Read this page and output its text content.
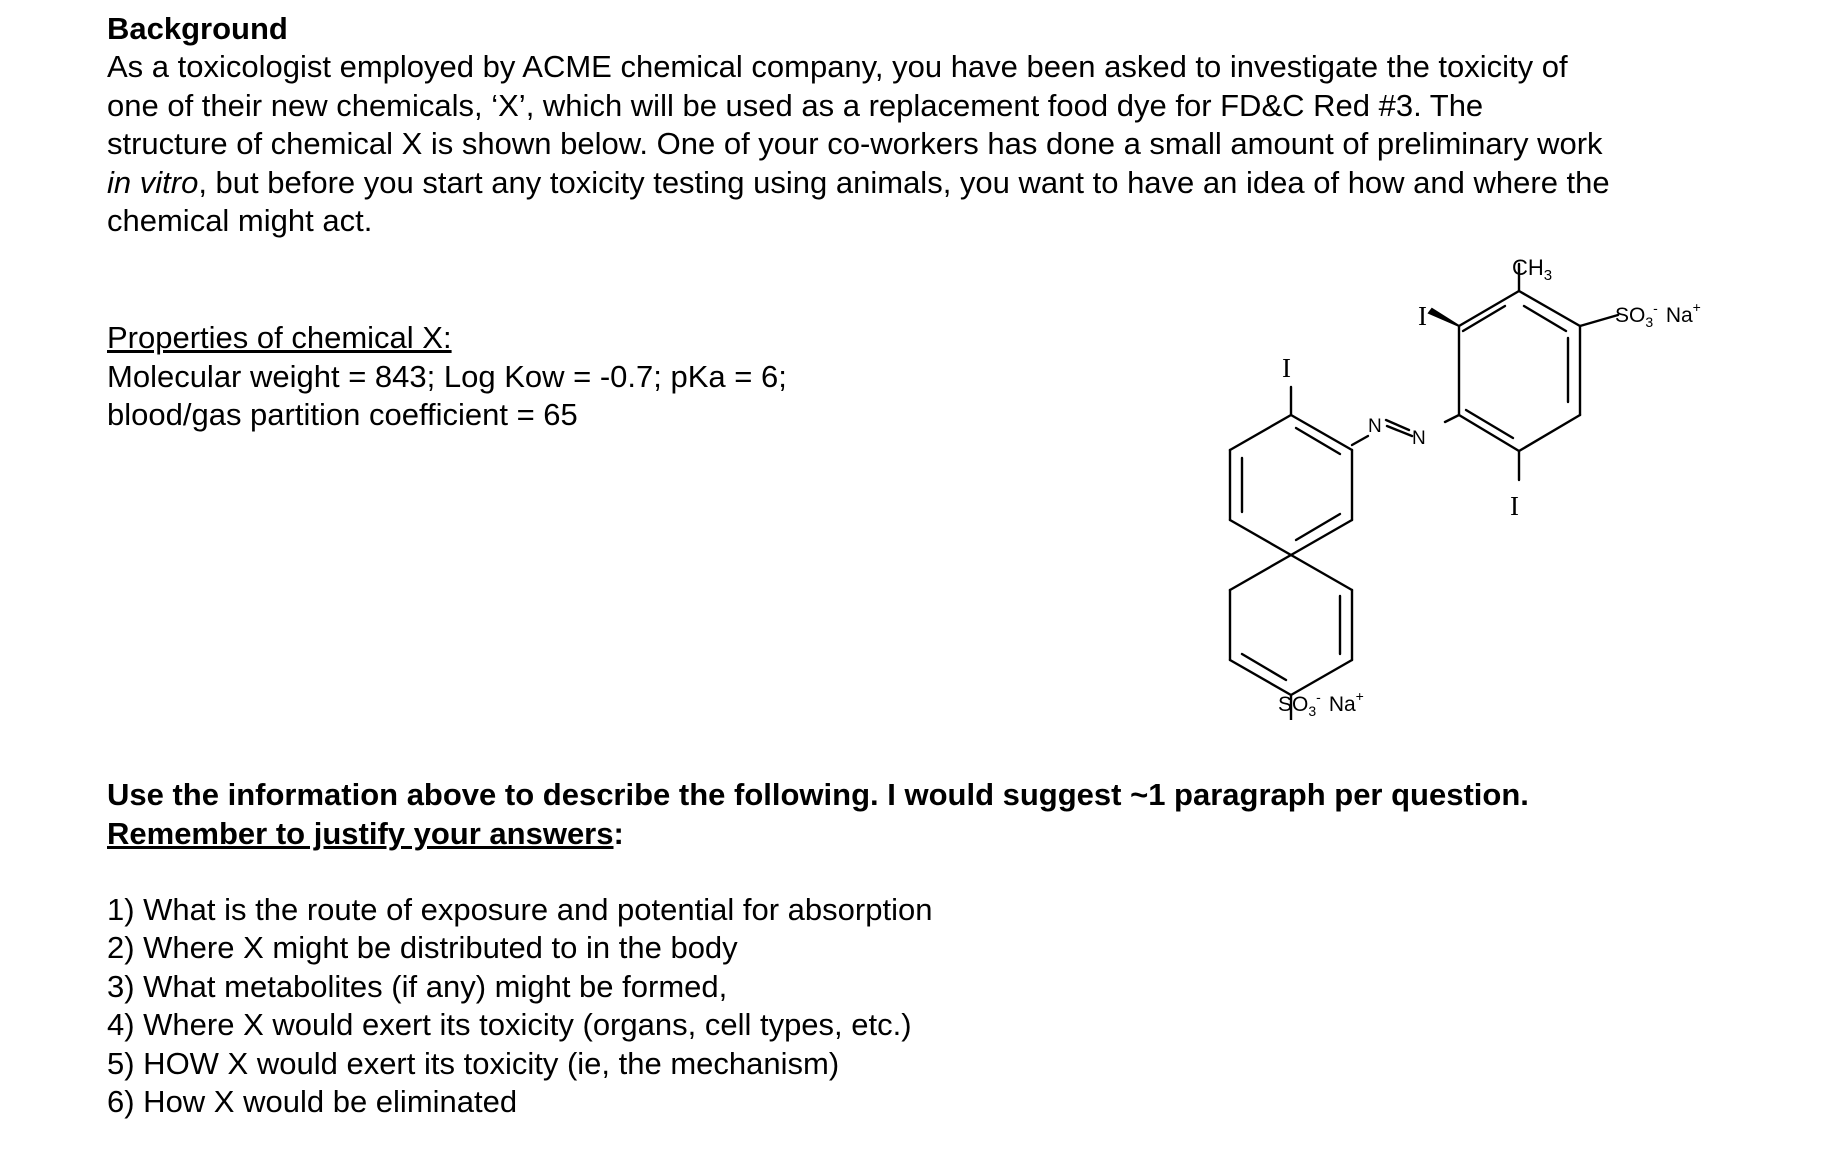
Background

As a toxicologist employed by ACME chemical company, you have been asked to investigate the toxicity of

one of their new chemicals, ‘X’, which will be used as a replacement food dye for FD&C Red #3. The

structure of chemical X is shown below. One of your co-workers has done a small amount of preliminary work

in vitro, but before you start any toxicity testing using animals, you want to have an idea of how and where the

chemical might act.

Properties of chemical X:
Molecular weight = 843; Log Kow = -0.7; pKa = 6;
blood/gas partition coefficient = 65
$CH_3$
I
I
I
N
N
$SO_3^-$ Na+
$SO_3^-$ Na+
Use the information above to describe the following. I would suggest ~1 paragraph per question.
Remember to justify your answers:
1) What is the route of exposure and potential for absorption
2) Where X might be distributed to in the body
3) What metabolites (if any) might be formed,
4) Where X would exert its toxicity (organs, cell types, etc.)
5) HOW X would exert its toxicity (ie, the mechanism)
6) How X would be eliminated
